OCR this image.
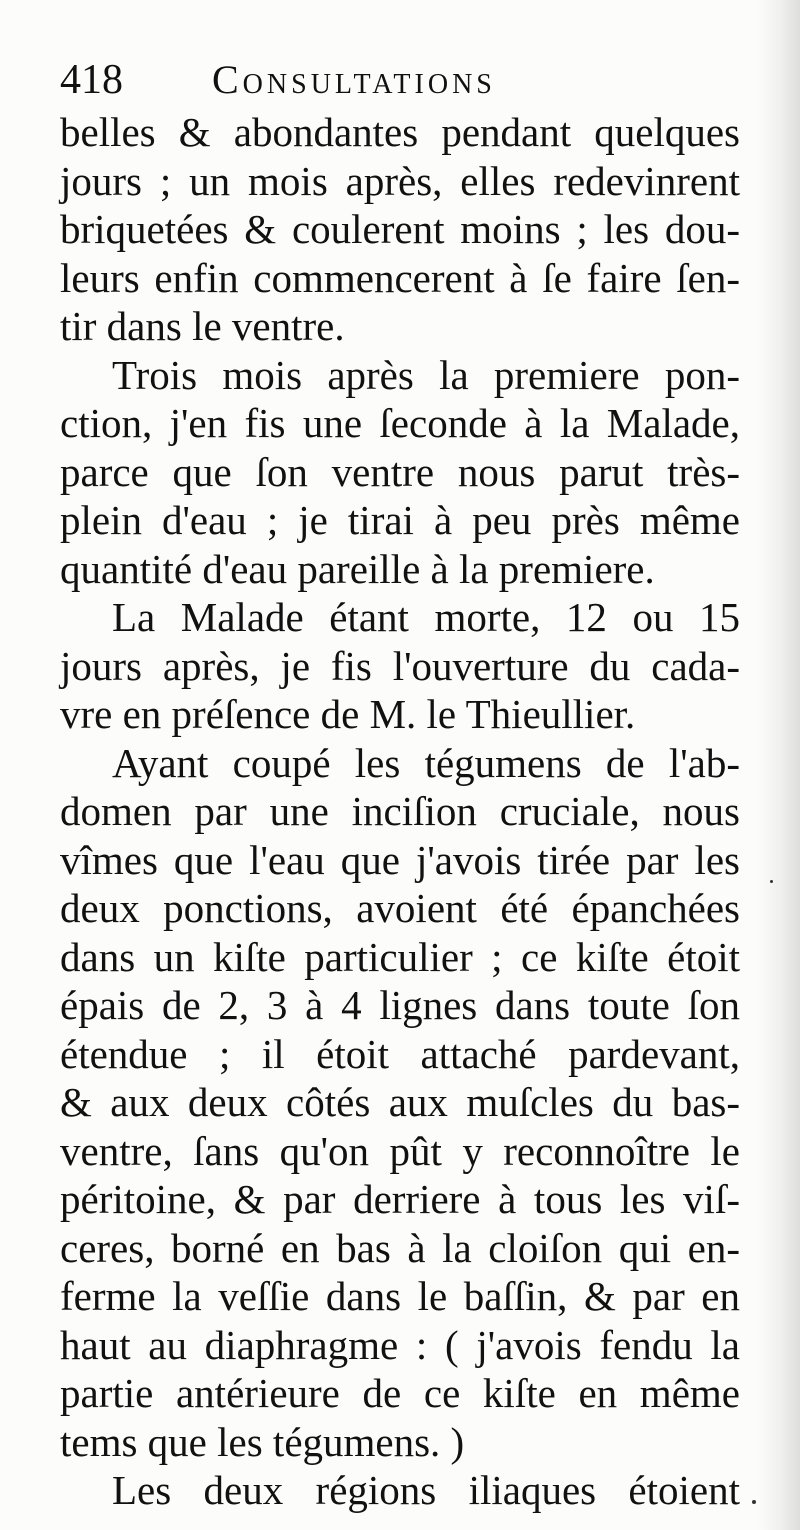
418 Consultations
belles & abondantes pendant quelques
jours ; un mois après, elles redevinrent
briquetées & coulerent moins ; les dou-
leurs enfin commencerent à ſe faire ſen-
tir dans le ventre.
Trois mois après la premiere pon-
ction, j'en fis une ſeconde à la Malade,
parce que ſon ventre nous parut très-
plein d'eau ; je tirai à peu près même
quantité d'eau pareille à la premiere.
La Malade étant morte, 12 ou 15
jours après, je fis l'ouverture du cada-
vre en préſence de M. le Thieullier.
Ayant coupé les tégumens de l'ab-
domen par une inciſion cruciale, nous
vîmes que l'eau que j'avois tirée par les
deux ponctions, avoient été épanchées
dans un kiſte particulier ; ce kiſte étoit
épais de 2, 3 à 4 lignes dans toute ſon
étendue ; il étoit attaché pardevant,
& aux deux côtés aux muſcles du bas-
ventre, ſans qu'on pût y reconnoître le
péritoine, & par derriere à tous les viſ-
ceres, borné en bas à la cloiſon qui en-
ferme la veſſie dans le baſſin, & par en
haut au diaphragme : ( j'avois fendu la
partie antérieure de ce kiſte en même
tems que les tégumens. )
Les deux régions iliaques étoient
